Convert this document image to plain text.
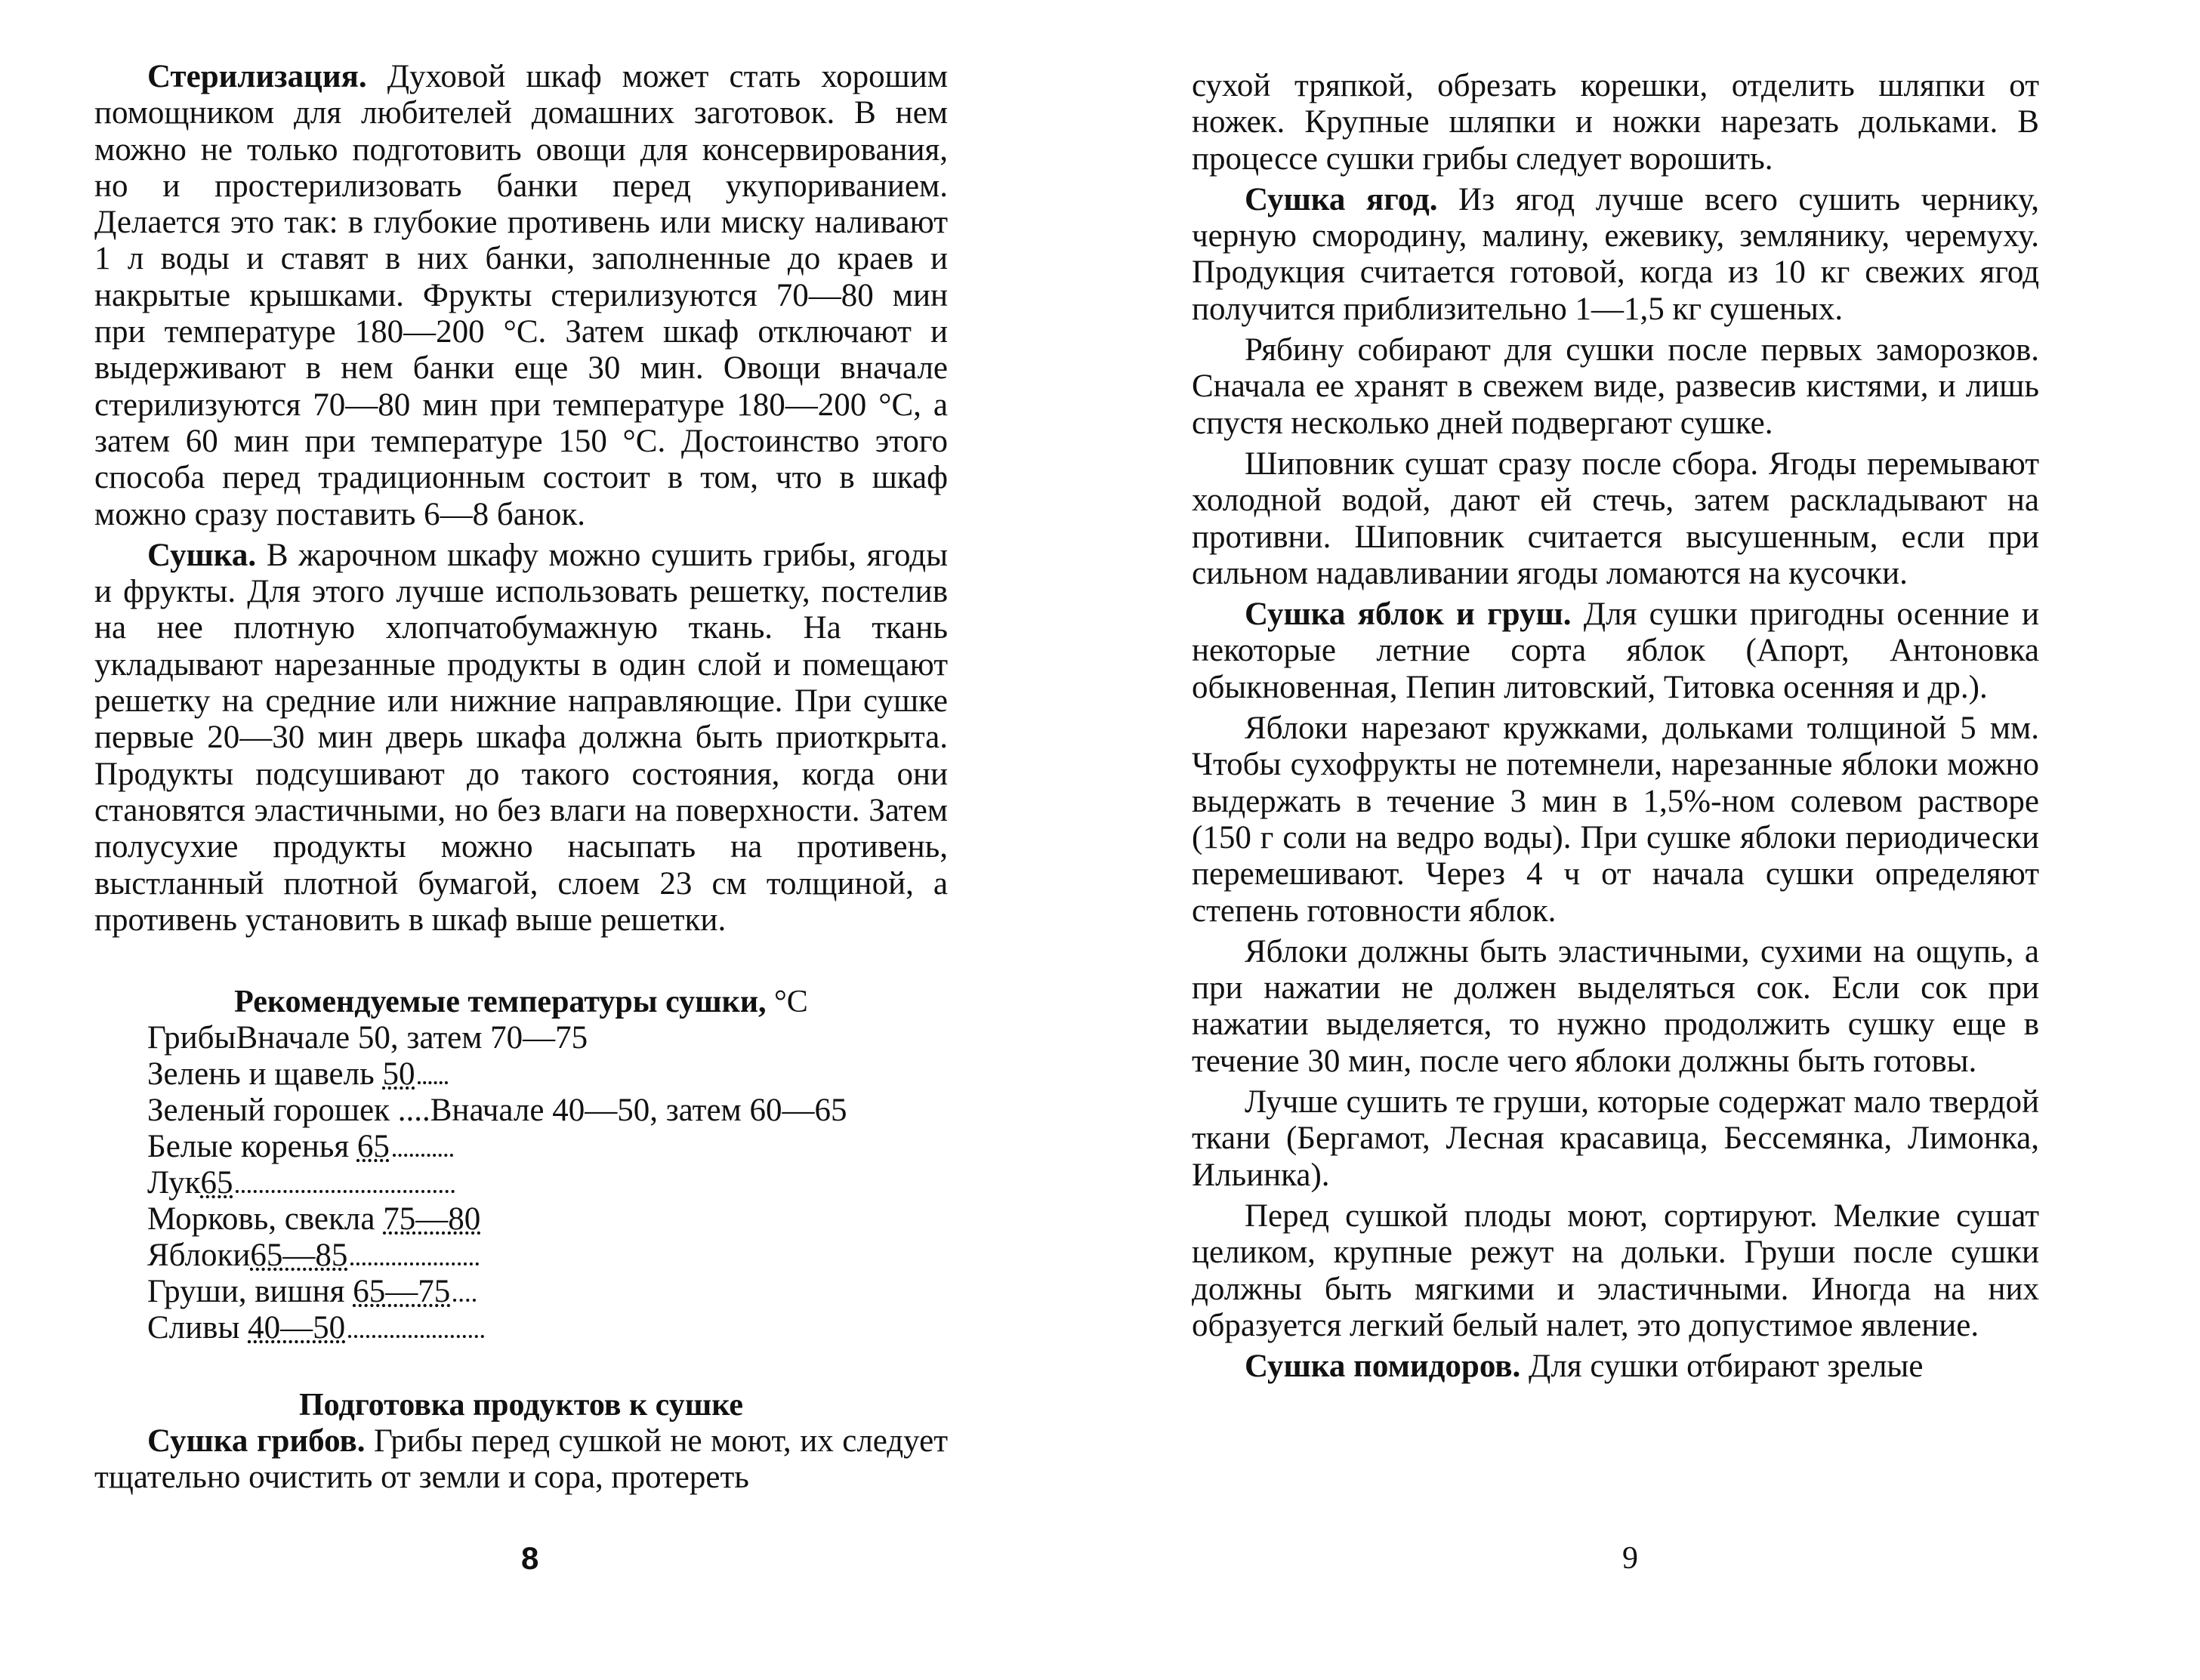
Стерилизация. Духовой шкаф может стать хорошим помощником для любителей домашних заготовок. В нем можно не только подготовить овощи для консервирования, но и простерилизовать банки перед укупориванием. Делается это так: в глубокие противень или миску наливают 1 л воды и ставят в них банки, заполненные до краев и накрытые крышками. Фрукты стерилизуются 70—80 мин при температуре 180—200 °С. Затем шкаф отключают и выдерживают в нем банки еще 30 мин. Овощи вначале стерилизуются 70—80 мин при температуре 180—200 °С, а затем 60 мин при температуре 150 °С. Достоинство этого способа перед традиционным состоит в том, что в шкаф можно сразу поставить 6—8 банок.

Сушка. В жарочном шкафу можно сушить грибы, ягоды и фрукты. Для этого лучше использовать решетку, постелив на нее плотную хлопчатобумажную ткань. На ткань укладывают нарезанные продукты в один слой и помещают решетку на средние или нижние направляющие. При сушке первые 20—30 мин дверь шкафа должна быть приоткрыта. Продукты подсушивают до такого состояния, когда они становятся эластичными, но без влаги на поверхности. Затем полусухие продукты можно насыпать на противень, выстланный плотной бумагой, слоем 23 см толщиной, а противень установить в шкаф выше решетки.

Рекомендуемые температуры сушки, °С
Грибы Вначале 50, затем 70—75
Зелень и щавель
50
Зеленый горошек .... Вначале 40—50, затем 60—65
Белые коренья
65
Лук 65
Морковь, свекла
75—80
Яблоки 65—85
Груши, вишня
65—75
Сливы
40—50
Подготовка продуктов к сушке

Сушка грибов. Грибы перед сушкой не моют, их следует тщательно очистить от земли и сора, протереть

8

сухой тряпкой, обрезать корешки, отделить шляпки от ножек. Крупные шляпки и ножки нарезать дольками. В процессе сушки грибы следует ворошить.

Сушка ягод. Из ягод лучше всего сушить чернику, черную смородину, малину, ежевику, землянику, черемуху. Продукция считается готовой, когда из 10 кг свежих ягод получится приблизительно 1—1,5 кг сушеных.

Рябину собирают для сушки после первых заморозков. Сначала ее хранят в свежем виде, развесив кистями, и лишь спустя несколько дней подвергают сушке.

Шиповник сушат сразу после сбора. Ягоды перемывают холодной водой, дают ей стечь, затем раскладывают на противни. Шиповник считается высушенным, если при сильном надавливании ягоды ломаются на кусочки.

Сушка яблок и груш. Для сушки пригодны осенние и некоторые летние сорта яблок (Апорт, Антоновка обыкновенная, Пепин литовский, Титовка осенняя и др.).

Яблоки нарезают кружками, дольками толщиной 5 мм. Чтобы сухофрукты не потемнели, нарезанные яблоки можно выдержать в течение 3 мин в 1,5%-ном солевом растворе (150 г соли на ведро воды). При сушке яблоки периодически перемешивают. Через 4 ч от начала сушки определяют степень готовности яблок.

Яблоки должны быть эластичными, сухими на ощупь, а при нажатии не должен выделяться сок. Если сок при нажатии выделяется, то нужно продолжить сушку еще в течение 30 мин, после чего яблоки должны быть готовы.

Лучше сушить те груши, которые содержат мало твердой ткани (Бергамот, Лесная красавица, Бессемянка, Лимонка, Ильинка).

Перед сушкой плоды моют, сортируют. Мелкие сушат целиком, крупные режут на дольки. Груши после сушки должны быть мягкими и эластичными. Иногда на них образуется легкий белый налет, это допустимое явление.

Сушка помидоров. Для сушки отбирают зрелые

9
